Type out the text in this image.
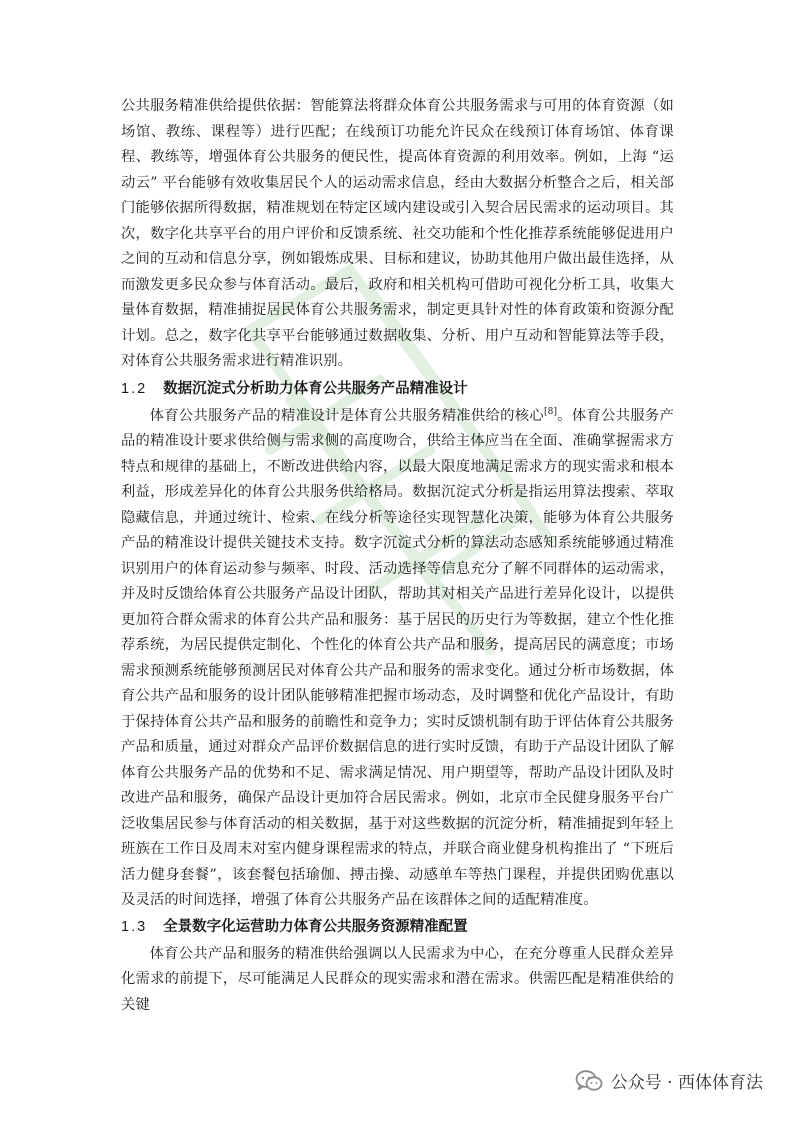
公共服务精准供给提供依据：智能算法将群众体育公共服务需求与可用的体育资源（如场馆、教练、课程等）进行匹配；在线预订功能允许民众在线预订体育场馆、体育课程、教练等，增强体育公共服务的便民性，提高体育资源的利用效率。例如，上海 “运动云” 平台能够有效收集居民个人的运动需求信息，经由大数据分析整合之后，相关部门能够依据所得数据，精准规划在特定区域内建设或引入契合居民需求的运动项目。其次，数字化共享平台的用户评价和反馈系统、社交功能和个性化推荐系统能够促进用户之间的互动和信息分享，例如锻炼成果、目标和建议，协助其他用户做出最佳选择，从而激发更多民众参与体育活动。最后，政府和相关机构可借助可视化分析工具，收集大量体育数据，精准捕捉居民体育公共服务需求，制定更具针对性的体育政策和资源分配计划。总之，数字化共享平台能够通过数据收集、分析、用户互动和智能算法等手段，对体育公共服务需求进行精准识别。

1.2 数据沉淀式分析助力体育公共服务产品精准设计

体育公共服务产品的精准设计是体育公共服务精准供给的核心[8]。体育公共服务产品的精准设计要求供给侧与需求侧的高度吻合，供给主体应当在全面、准确掌握需求方特点和规律的基础上，不断改进供给内容，以最大限度地满足需求方的现实需求和根本利益，形成差异化的体育公共服务供给格局。数据沉淀式分析是指运用算法搜索、萃取隐藏信息，并通过统计、检索、在线分析等途径实现智慧化决策，能够为体育公共服务产品的精准设计提供关键技术支持。数字沉淀式分析的算法动态感知系统能够通过精准识别用户的体育运动参与频率、时段、活动选择等信息充分了解不同群体的运动需求，并及时反馈给体育公共服务产品设计团队，帮助其对相关产品进行差异化设计，以提供更加符合群众需求的体育公共产品和服务：基于居民的历史行为等数据，建立个性化推荐系统，为居民提供定制化、个性化的体育公共产品和服务，提高居民的满意度；市场需求预测系统能够预测居民对体育公共产品和服务的需求变化。通过分析市场数据，体育公共产品和服务的设计团队能够精准把握市场动态，及时调整和优化产品设计，有助于保持体育公共产品和服务的前瞻性和竞争力；实时反馈机制有助于评估体育公共服务产品和质量，通过对群众产品评价数据信息的进行实时反馈，有助于产品设计团队了解体育公共服务产品的优势和不足、需求满足情况、用户期望等，帮助产品设计团队及时改进产品和服务，确保产品设计更加符合居民需求。例如，北京市全民健身服务平台广泛收集居民参与体育活动的相关数据，基于对这些数据的沉淀分析，精准捕捉到年轻上班族在工作日及周末对室内健身课程需求的特点，并联合商业健身机构推出了 “下班后活力健身套餐”，该套餐包括瑜伽、搏击操、动感单车等热门课程，并提供团购优惠以及灵活的时间选择，增强了体育公共服务产品在该群体之间的适配精准度。

1.3 全景数字化运营助力体育公共服务资源精准配置

体育公共产品和服务的精准供给强调以人民需求为中心，在充分尊重人民群众差异化需求的前提下，尽可能满足人民群众的现实需求和潜在需求。供需匹配是精准供给的关键

公众号 · 西体体育法
